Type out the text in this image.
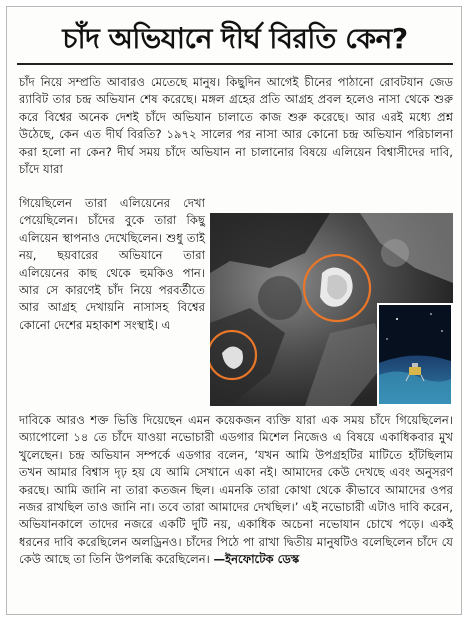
চাঁদ অভিযানে দীর্ঘ বিরতি কেন?
চাঁদ নিয়ে সম্প্রতি আবারও মেতেছে মানুষ। কিছুদিন আগেই চীনের পাঠানো রোবটযান জেড র‍্যাবিট তার চন্দ্র অভিযান শেষ করেছে। মঙ্গল গ্রহের প্রতি আগ্রহ প্রবল হলেও নাসা থেকে শুরু করে বিশ্বের অনেক দেশই চাঁদে অভিযান চালাতে কাজ শুরু করেছে। আর এরই মধ্যে প্রশ্ন উঠেছে, কেন এত দীর্ঘ বিরতি? ১৯৭২ সালের পর নাসা আর কোনো চন্দ্র অভিযান পরিচালনা করা হলো না কেন? দীর্ঘ সময় চাঁদে অভিযান না চালানোর বিষয়ে এলিয়েন বিশ্বাসীদের দাবি, চাঁদে যারা
গিয়েছিলেন তারা এলিয়েনের দেখা পেয়েছিলেন। চাঁদের বুকে তারা কিছু এলিয়েন স্থাপনাও দেখেছিলেন। শুধু তাই নয়, ছয়বারের অভিযানে তারা এলিয়েনের কাছ থেকে হুমকিও পান। আর সে কারণেই চাঁদ নিয়ে পরবর্তীতে আর আগ্রহ দেখায়নি নাসাসহ বিশ্বের কোনো দেশের মহাকাশ সংস্থাই। এ
দাবিকে আরও শক্ত ভিত্তি দিয়েছেন এমন কয়েকজন ব্যক্তি যারা এক সময় চাঁদে গিয়েছিলেন। অ্যাপোলো ১৪ তে চাঁদে যাওয়া নভোচারী এডগার মিশেল নিজেও এ বিষয়ে একাধিকবার মুখ খুলেছেন। চন্দ্র অভিযান সম্পর্কে এডগার বলেন, ‘যখন আমি উপগ্রহটির মাটিতে হাঁটছিলাম তখন আমার বিশ্বাস দৃঢ় হয় যে আমি সেখানে একা নই। আমাদের কেউ দেখছে এবং অনুসরণ করছে। আমি জানি না তারা কতজন ছিল। এমনকি তারা কোথা থেকে কীভাবে আমাদের ওপর নজর রাখছিল তাও জানি না। তবে তারা আমাদের দেখছিল।’ এই নভোচারী এটাও দাবি করেন, অভিযানকালে তাদের নজরে একটি দুটি নয়, একাধিক অচেনা নভোযান চোখে পড়ে। একই ধরনের দাবি করেছিলেন অলড্রিনও। চাঁদের পিঠে পা রাখা দ্বিতীয় মানুষটিও বলেছিলেন চাঁদে যে কেউ আছে তা তিনি উপলব্ধি করেছিলেন। —ইনফোটেক ডেস্ক
